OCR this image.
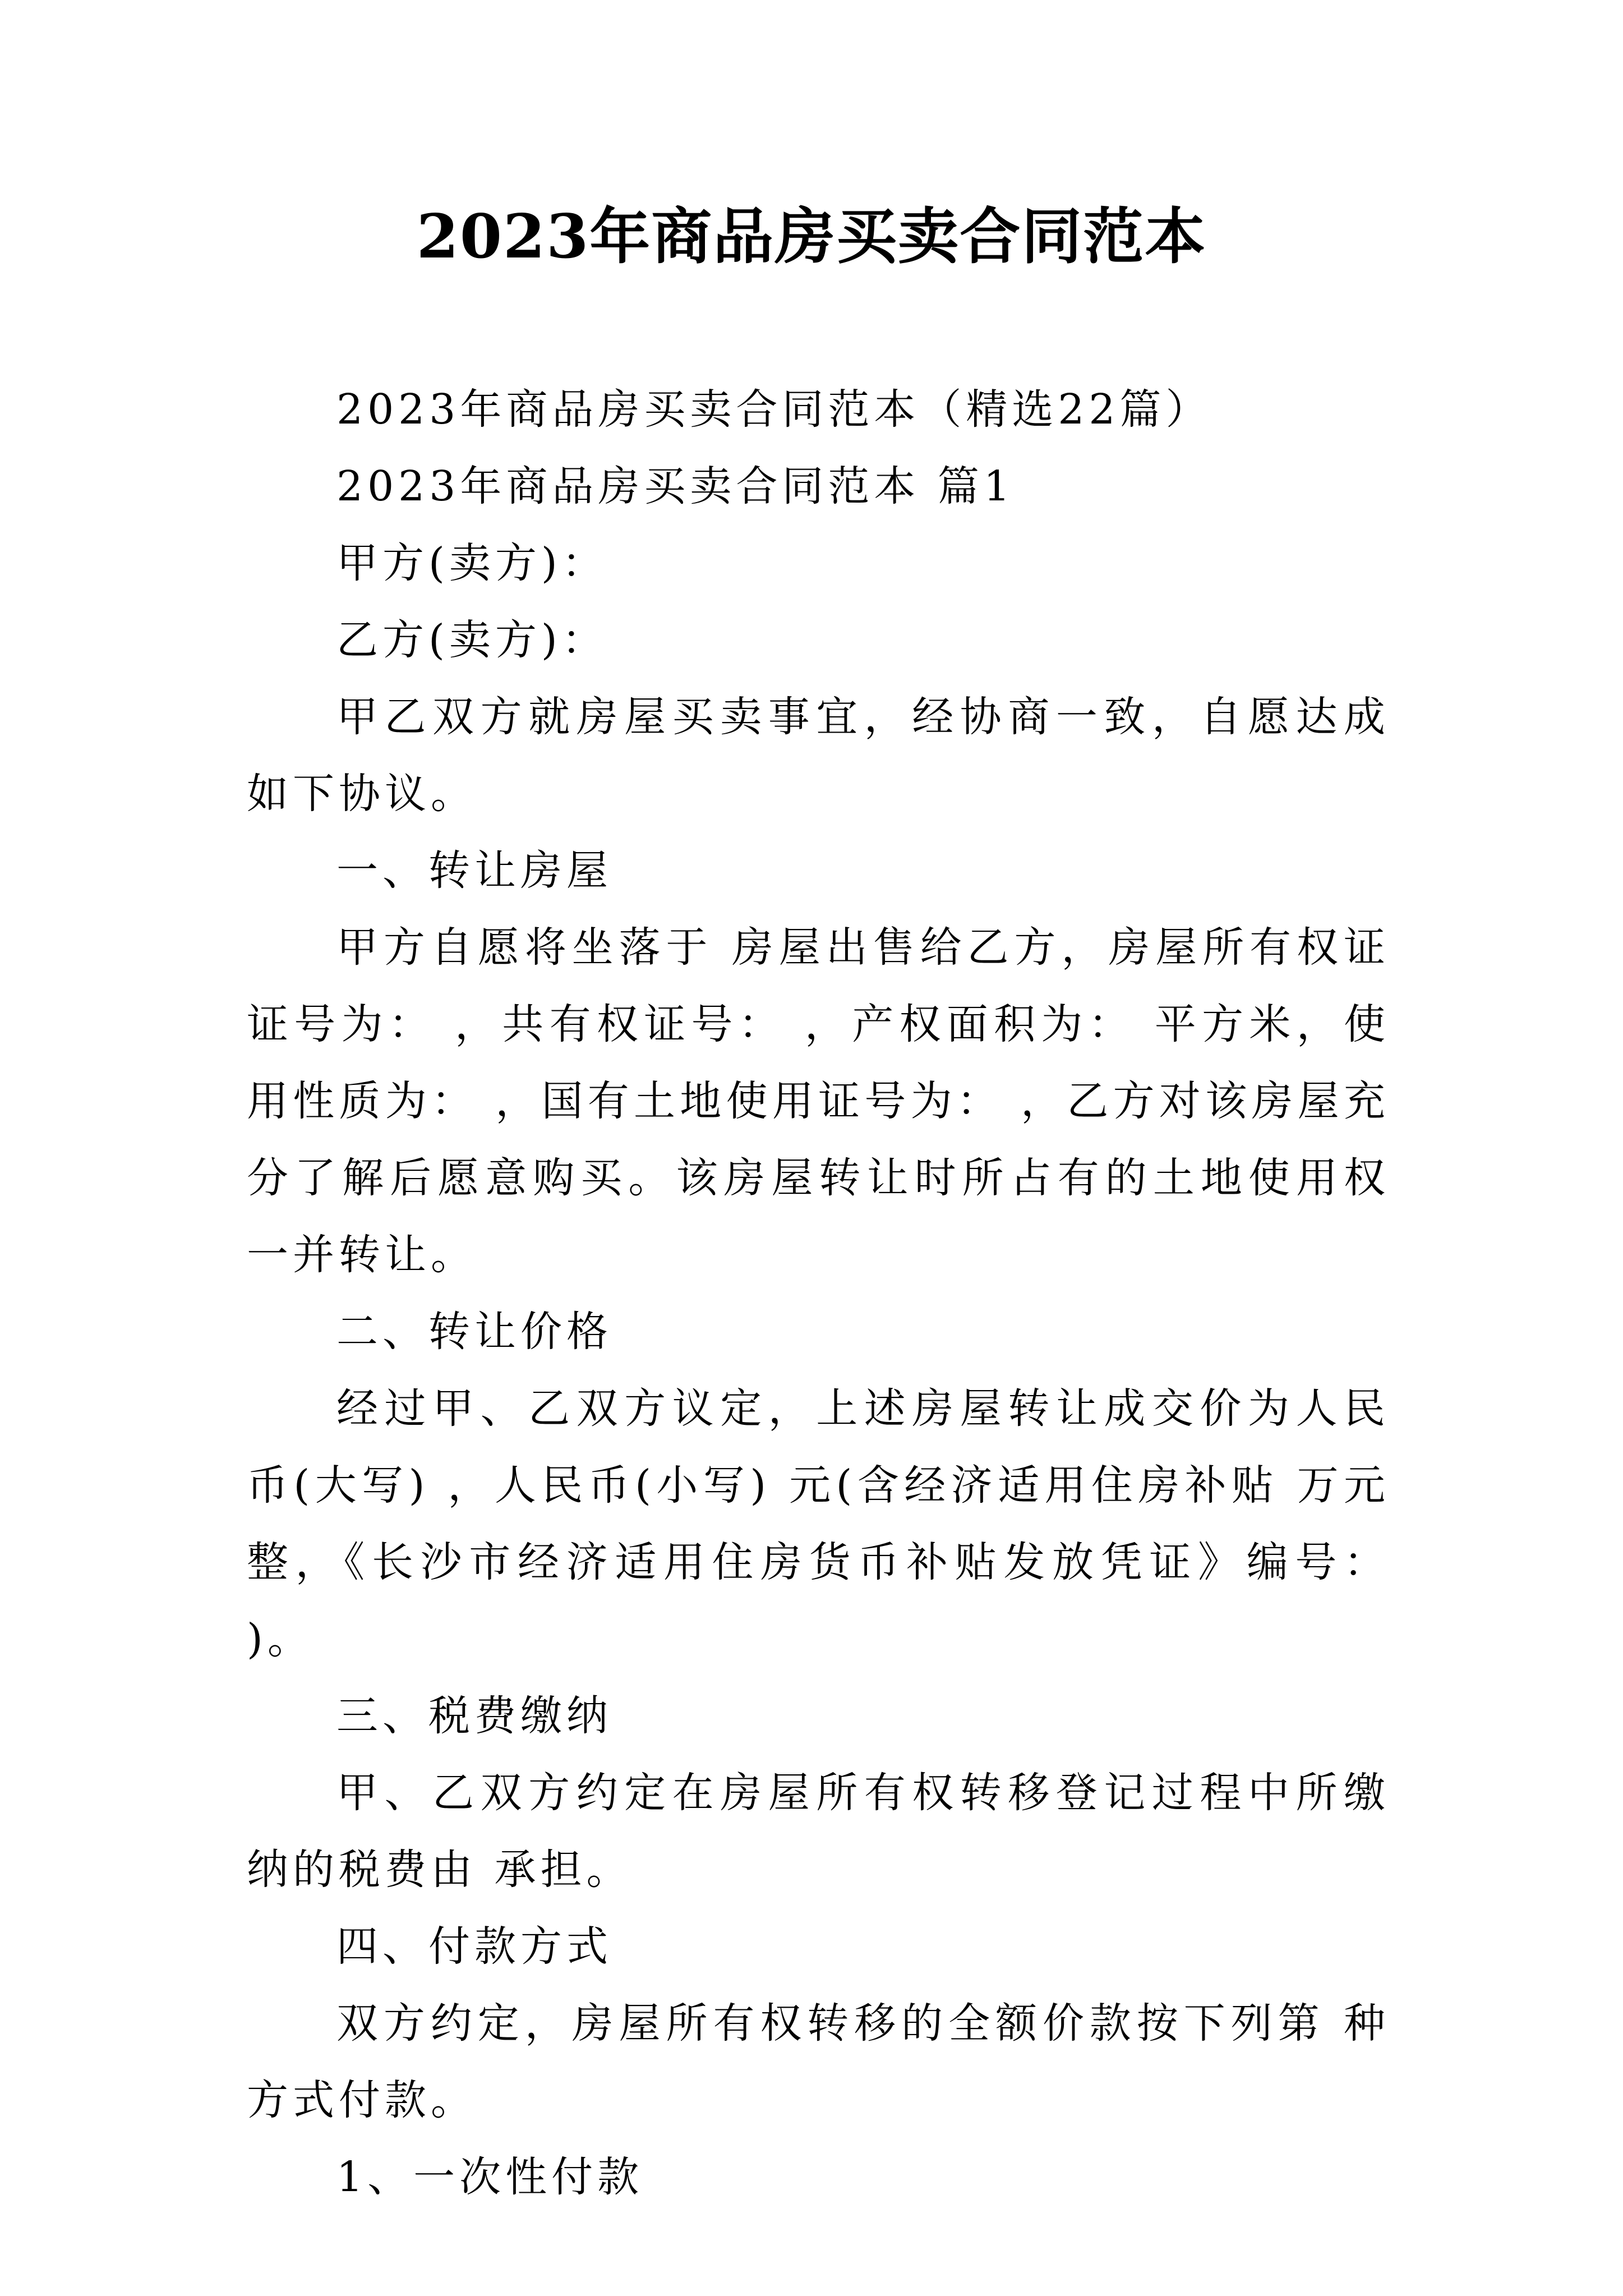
2023年商品房买卖合同范本

2023年商品房买卖合同范本（精选22篇）

2023年商品房买卖合同范本 篇1

甲方(卖方)：

乙方(卖方)：

甲乙双方就房屋买卖事宜，经协商一致，自愿达成如下协议。

一、转让房屋

甲方自愿将坐落于 房屋出售给乙方，房屋所有权证证号为： ，共有权证号： ，产权面积为： 平方米，使用性质为： ，国有土地使用证号为： ，乙方对该房屋充分了解后愿意购买。该房屋转让时所占有的土地使用权一并转让。

二、转让价格

经过甲、乙双方议定，上述房屋转让成交价为人民币(大写) ，人民币(小写) 元(含经济适用住房补贴 万元整，《长沙市经济适用住房货币补贴发放凭证》编号： )。

三、税费缴纳

甲、乙双方约定在房屋所有权转移登记过程中所缴纳的税费由 承担。

四、付款方式

双方约定，房屋所有权转移的全额价款按下列第 种方式付款。

1、一次性付款
